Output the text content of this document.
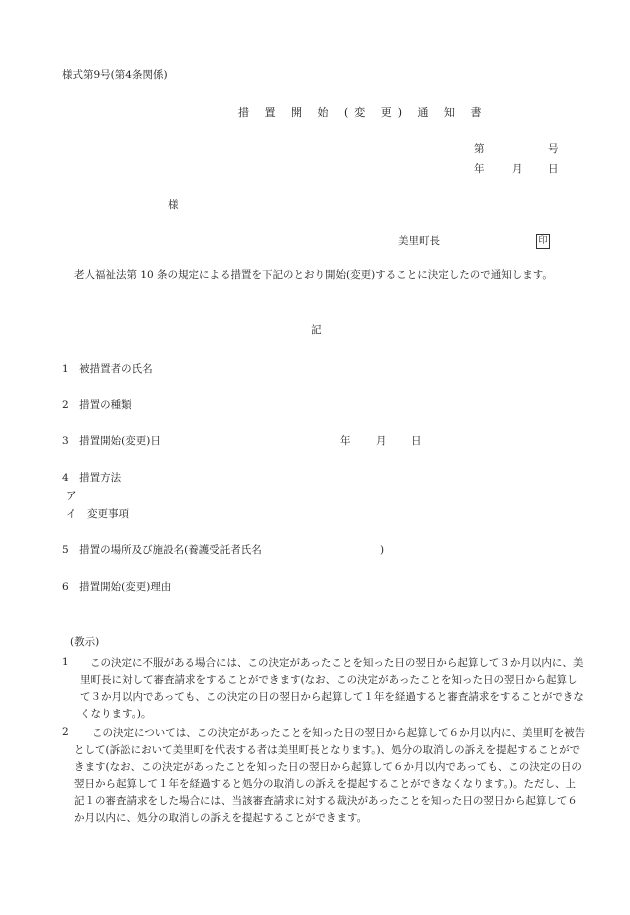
様式第9号(第4条関係)
措 置 開 始 (変 更) 通 知 書
第	号
年	月 日
様
美里町長	印
老人福祉法第 10 条の規定による措置を下記のとおり開始(変更)することに決定したので通知します。
記
1　被措置者の氏名
2　措置の種類
3　措置開始(変更)日	年 月 日
4　措置方法
ア
イ　変更事項
5　措置の場所及び施設名(養護受託者氏名	)
6　措置開始(変更)理由
(教示)
1	この決定に不服がある場合には、この決定があったことを知った日の翌日から起算して３か月以内に、美里町長に対して審査請求をすることができます(なお、この決定があったことを知った日の翌日から起算して３か月以内であっても、この決定の日の翌日から起算して１年を経過すると審査請求をすることができなくなります。)。
2	この決定については、この決定があったことを知った日の翌日から起算して６か月以内に、美里町を被告として(訴訟において美里町を代表する者は美里町長となります。)、処分の取消しの訴えを提起することができます(なお、この決定があったことを知った日の翌日から起算して６か月以内であっても、この決定の日の翌日から起算して１年を経過すると処分の取消しの訴えを提起することができなくなります。)。ただし、上記１の審査請求をした場合には、当該審査請求に対する裁決があったことを知った日の翌日から起算して６か月以内に、処分の取消しの訴えを提起することができます。
